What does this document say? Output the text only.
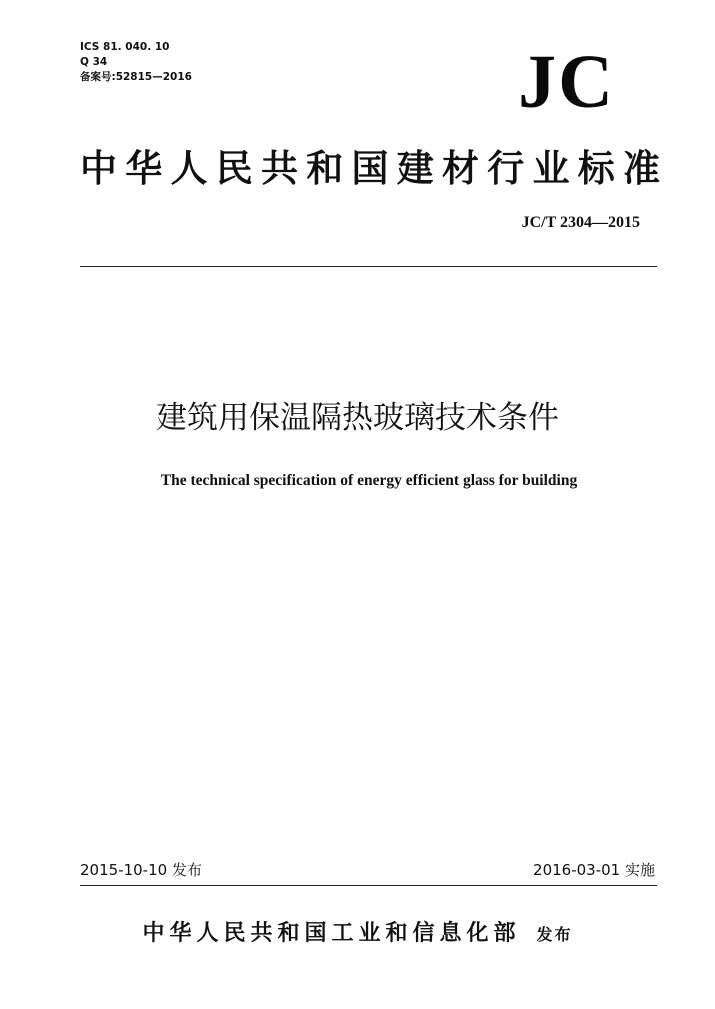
ICS 81. 040. 10
Q 34
备案号:52815—2016	JC
中华人民共和国建材行业标准
JC/T 2304—2015
建筑用保温隔热玻璃技术条件
The technical specification of energy efficient glass for building
2015-10-10 发布	2016-03-01 实施
中华人民共和国工业和信息化部 发布
